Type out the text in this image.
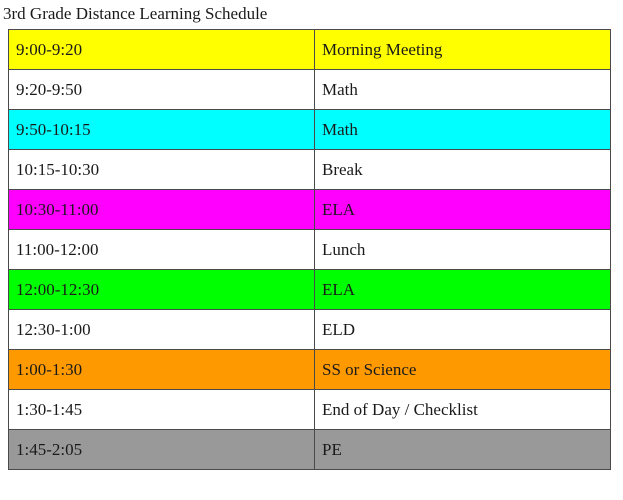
3rd Grade Distance Learning Schedule
9:00-9:20	Morning Meeting
9:20-9:50	Math
9:50-10:15	Math
10:15-10:30	Break
10:30-11:00	ELA
11:00-12:00	Lunch
12:00-12:30	ELA
12:30-1:00	ELD
1:00-1:30	SS or Science
1:30-1:45	End of Day / Checklist
1:45-2:05	PE
